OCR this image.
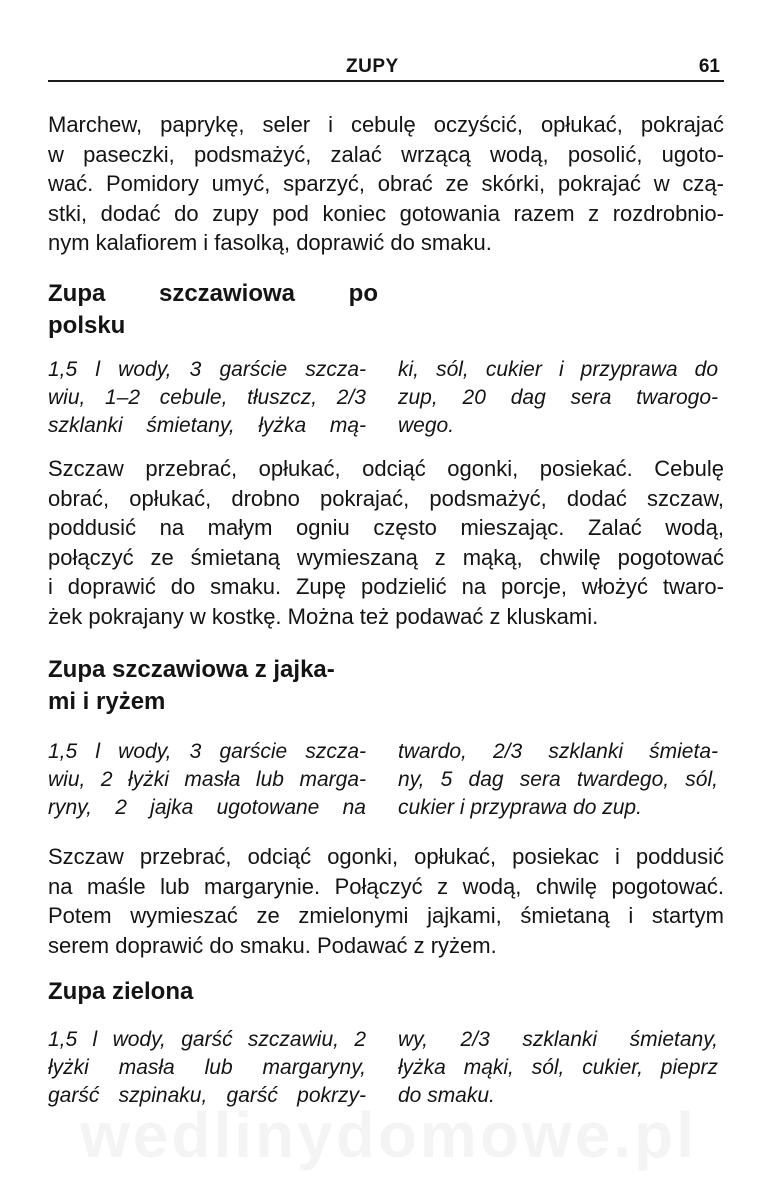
ZUPY	61

Marchew, paprykę, seler i cebulę oczyścić, opłukać, pokrajać
w paseczki, podsmażyć, zalać wrzącą wodą, posolić, ugoto-
wać. Pomidory umyć, sparzyć, obrać ze skórki, pokrajać w czą-
stki, dodać do zupy pod koniec gotowania razem z rozdrobnio-
nym kalafiorem i fasolką, doprawić do smaku.

Zupa szczawiowa po
polsku
1,5 l wody, 3 garście szcza-
wiu, 1–2 cebule, tłuszcz, 2/3
szklanki śmietany, łyżka mą-
ki, sól, cukier i przyprawa do
zup, 20 dag sera twarogo-
wego.

Szczaw przebrać, opłukać, odciąć ogonki, posiekać. Cebulę
obrać, opłukać, drobno pokrajać, podsmażyć, dodać szczaw,
poddusić na małym ogniu często mieszając. Zalać wodą,
połączyć ze śmietaną wymieszaną z mąką, chwilę pogotować
i doprawić do smaku. Zupę podzielić na porcje, włożyć twaro-
żek pokrajany w kostkę. Można też podawać z kluskami.

Zupa szczawiowa z jajka-
mi i ryżem
1,5 l wody, 3 garście szcza-
wiu, 2 łyżki masła lub marga-
ryny, 2 jajka ugotowane na
twardo, 2/3 szklanki śmieta-
ny, 5 dag sera twardego, sól,
cukier i przyprawa do zup.

Szczaw przebrać, odciąć ogonki, opłukać, posiekac i poddusić
na maśle lub margarynie. Połączyć z wodą, chwilę pogotować.
Potem wymieszać ze zmielonymi jajkami, śmietaną i startym
serem doprawić do smaku. Podawać z ryżem.

Zupa zielona
1,5 l wody, garść szczawiu, 2
łyżki masła lub margaryny,
garść szpinaku, garść pokrzy-
wy, 2/3 szklanki śmietany,
łyżka mąki, sól, cukier, pieprz
do smaku.
